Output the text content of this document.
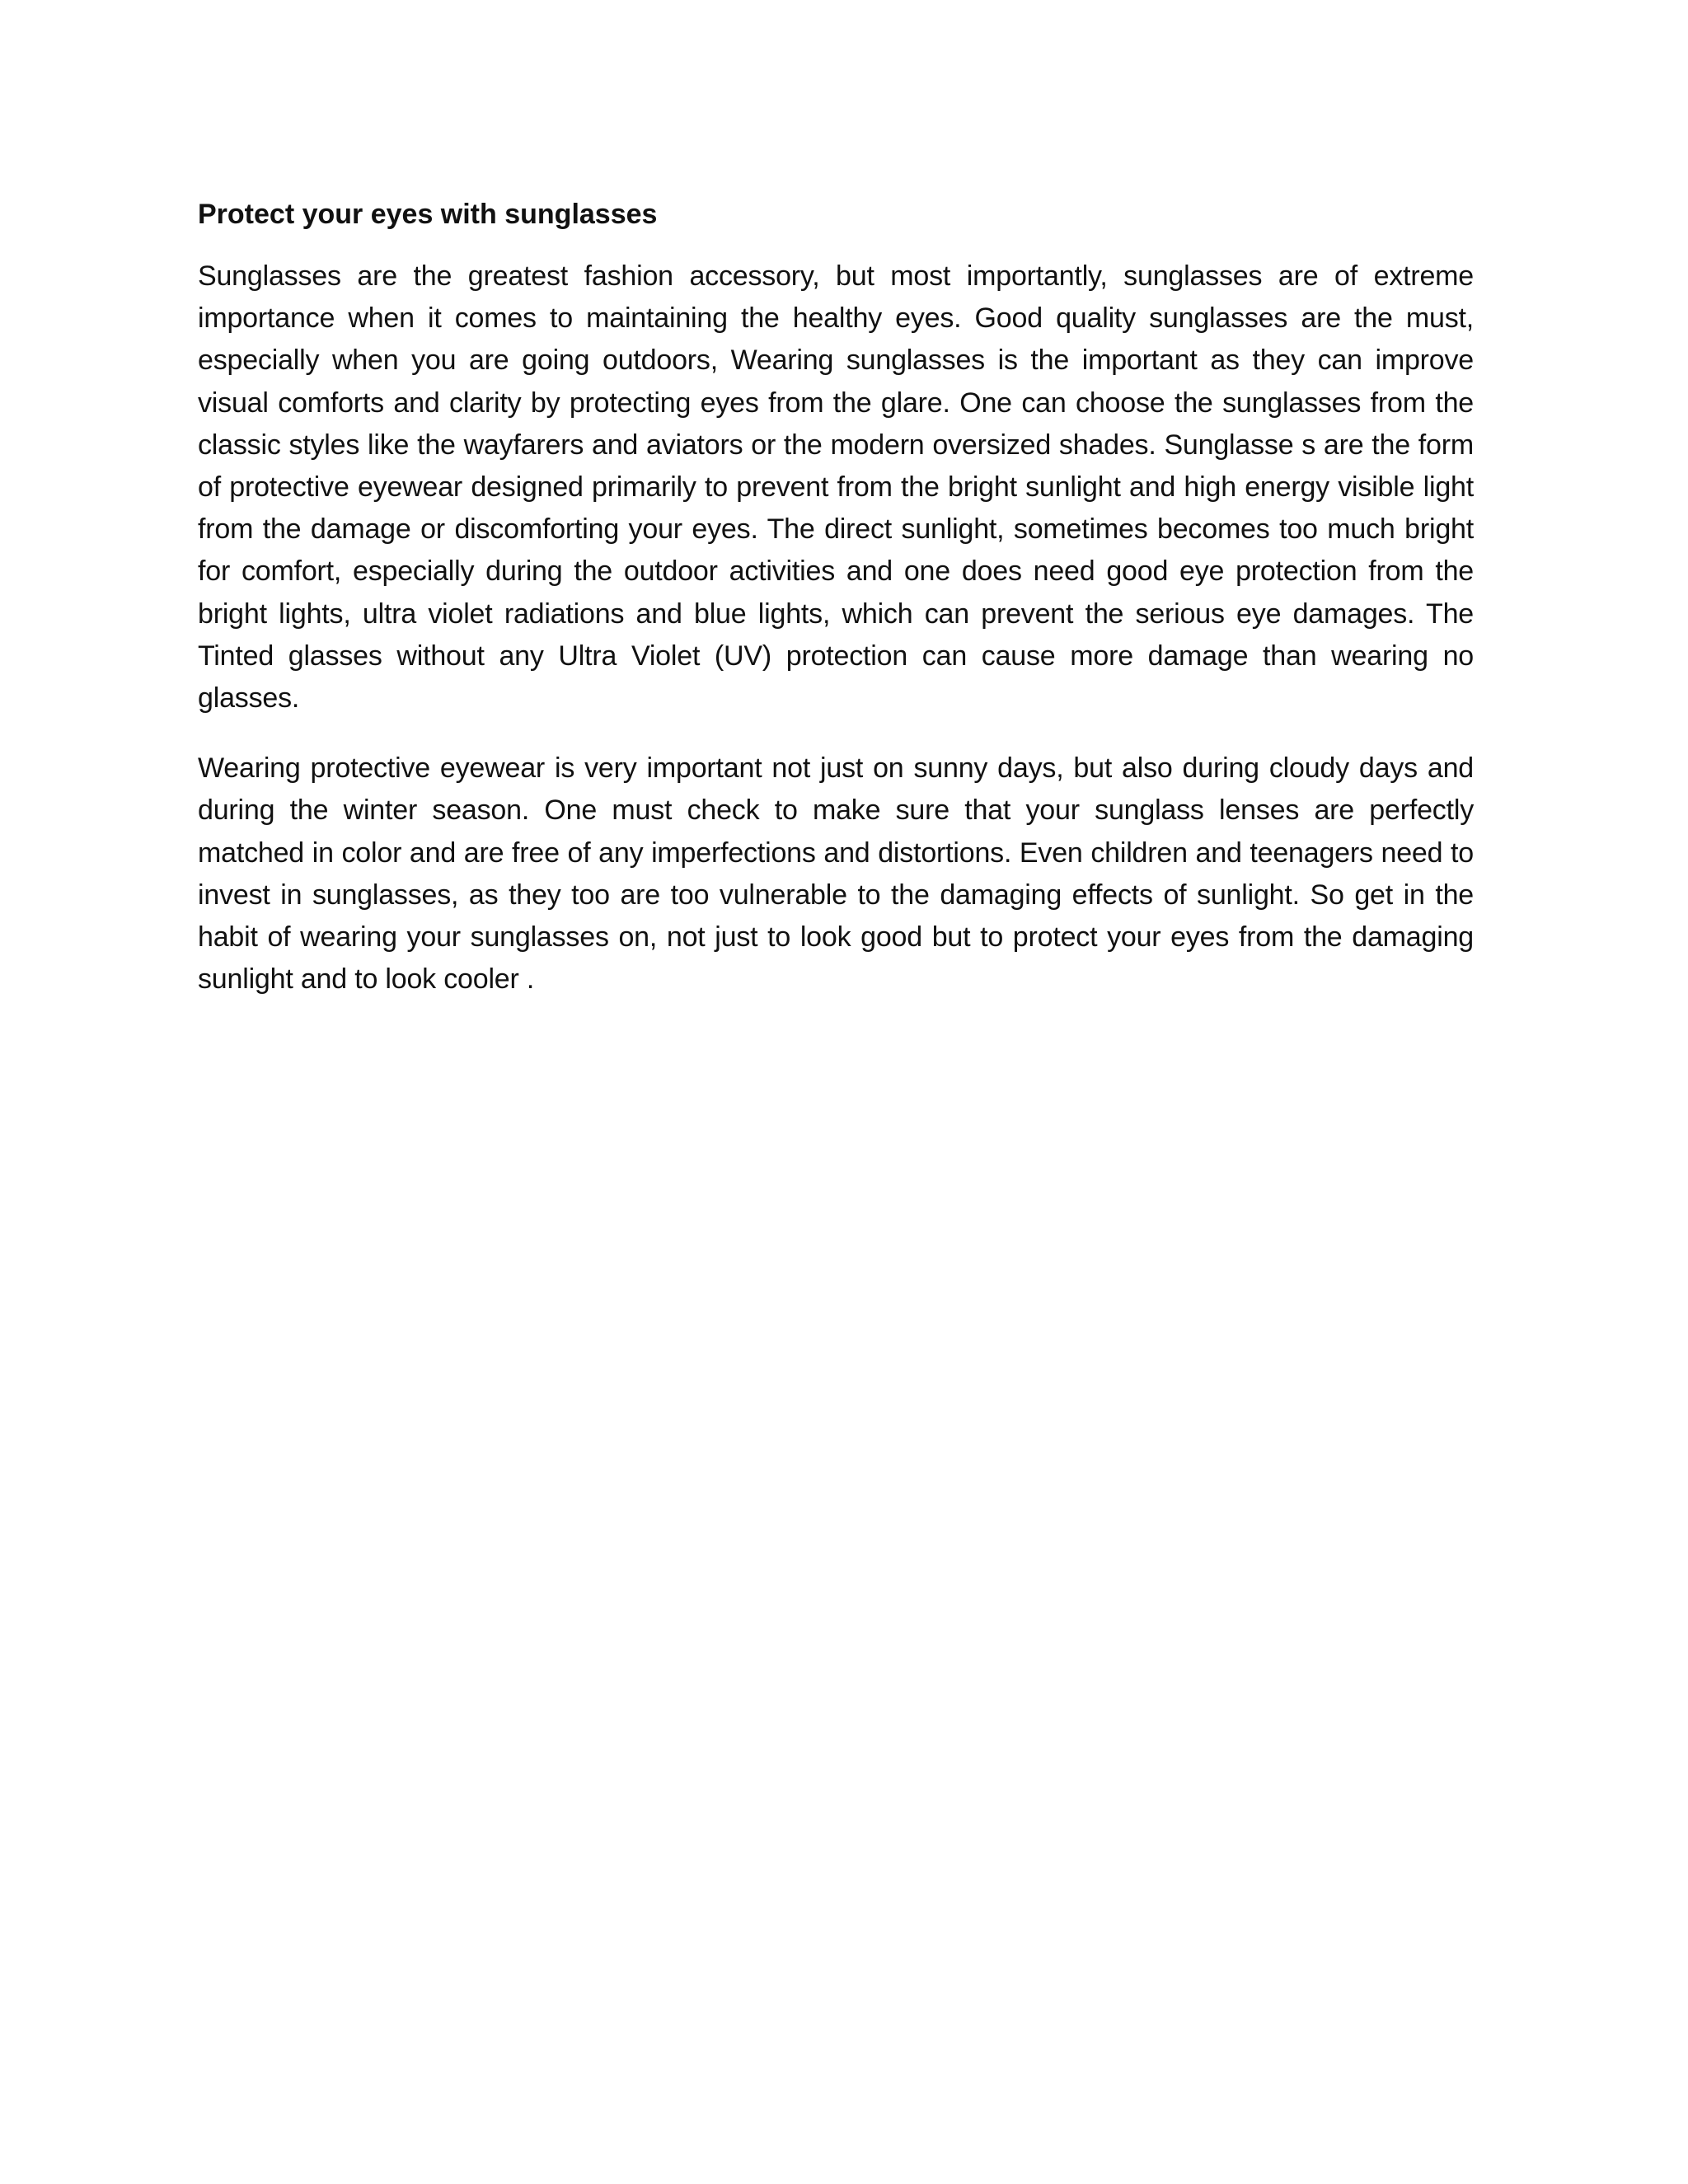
Protect your eyes with sunglasses

Sunglasses are the greatest fashion accessory, but most importantly, sunglasses are of extreme importance when it comes to maintaining the healthy eyes. Good quality sunglasses are the must, especially when you are going outdoors, Wearing sunglasses is the important as they can improve visual comforts and clarity by protecting eyes from the glare. One can choose the sunglasses from the classic styles like the wayfarers and aviators or the modern oversized shades. Sunglasse s are the form of protective eyewear designed primarily to prevent from the bright sunlight and high energy visible light from the damage or discomforting your eyes. The direct sunlight, sometimes becomes too much bright for comfort, especially during the outdoor activities and one does need good eye protection from the bright lights, ultra violet radiations and blue lights, which can prevent the serious eye damages. The Tinted glasses without any Ultra Violet (UV) protection can cause more damage than wearing no glasses.

Wearing protective eyewear is very important not just on sunny days, but also during cloudy days and during the winter season. One must check to make sure that your sunglass lenses are perfectly matched in color and are free of any imperfections and distortions. Even children and teenagers need to invest in sunglasses, as they too are too vulnerable to the damaging effects of sunlight. So get in the habit of wearing your sunglasses on, not just to look good but to protect your eyes from the damaging sunlight and to look cooler .
